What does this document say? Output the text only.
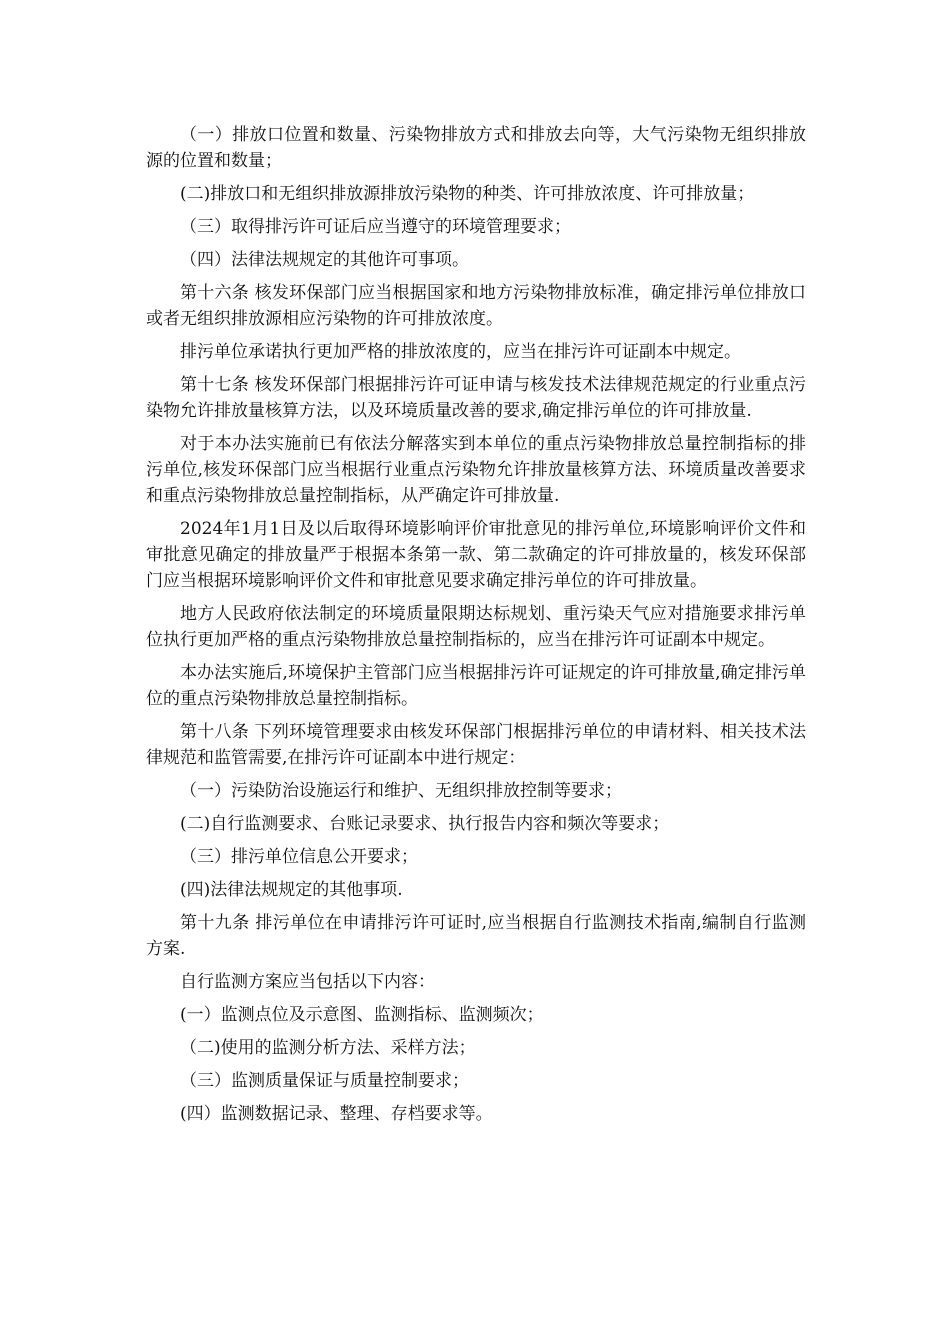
（一）排放口位置和数量、污染物排放方式和排放去向等，大气污染物无组织排放源的位置和数量；

(二)排放口和无组织排放源排放污染物的种类、许可排放浓度、许可排放量；

（三）取得排污许可证后应当遵守的环境管理要求；

（四）法律法规规定的其他许可事项。

第十六条 核发环保部门应当根据国家和地方污染物排放标准，确定排污单位排放口或者无组织排放源相应污染物的许可排放浓度。

排污单位承诺执行更加严格的排放浓度的，应当在排污许可证副本中规定。

第十七条 核发环保部门根据排污许可证申请与核发技术法律规范规定的行业重点污染物允许排放量核算方法，以及环境质量改善的要求,确定排污单位的许可排放量.

对于本办法实施前已有依法分解落实到本单位的重点污染物排放总量控制指标的排污单位,核发环保部门应当根据行业重点污染物允许排放量核算方法、环境质量改善要求和重点污染物排放总量控制指标，从严确定许可排放量.

2024年1月1日及以后取得环境影响评价审批意见的排污单位,环境影响评价文件和审批意见确定的排放量严于根据本条第一款、第二款确定的许可排放量的，核发环保部门应当根据环境影响评价文件和审批意见要求确定排污单位的许可排放量。

地方人民政府依法制定的环境质量限期达标规划、重污染天气应对措施要求排污单位执行更加严格的重点污染物排放总量控制指标的，应当在排污许可证副本中规定。

本办法实施后,环境保护主管部门应当根据排污许可证规定的许可排放量,确定排污单位的重点污染物排放总量控制指标。

第十八条 下列环境管理要求由核发环保部门根据排污单位的申请材料、相关技术法律规范和监管需要,在排污许可证副本中进行规定：

（一）污染防治设施运行和维护、无组织排放控制等要求；

(二)自行监测要求、台账记录要求、执行报告内容和频次等要求；

（三）排污单位信息公开要求；

(四)法律法规规定的其他事项.

第十九条 排污单位在申请排污许可证时,应当根据自行监测技术指南,编制自行监测方案.

自行监测方案应当包括以下内容：

(一）监测点位及示意图、监测指标、监测频次；

（二)使用的监测分析方法、采样方法；

（三）监测质量保证与质量控制要求；

(四）监测数据记录、整理、存档要求等。
